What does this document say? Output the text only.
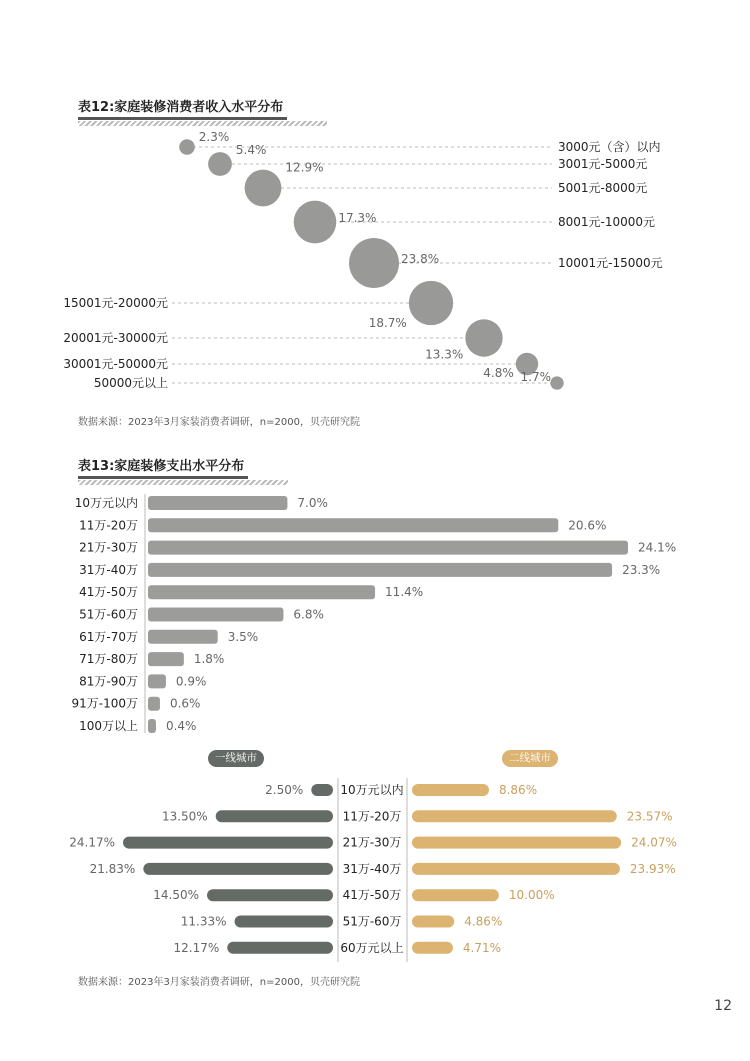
表12:家庭装修消费者收入水平分布
3000元（含）以内
2.3%
3001元-5000元
5.4%
5001元-8000元
12.9%
8001元-10000元
17.3%
10001元-15000元
23.8%
15001元-20000元
18.7%
20001元-30000元
13.3%
30001元-50000元
4.8%
50000元以上	1.7%
数据来源：2023年3月家装消费者调研，n=2000，贝壳研究院
表13:家庭装修支出水平分布
10万元以内	7.0%
11万-20万	20.6%
21万-30万	24.1%
31万-40万	23.3%
41万-50万	11.4%
51万-60万	6.8%
61万-70万	3.5%
71万-80万	1.8%
81万-90万	0.9%
91万-100万	0.6%
100万以上 0.4%
一线城市	二线城市
10万元以内
2.50%	8.86%
11万-20万
13.50%	23.57%
21万-30万
24.17%	24.07%
31万-40万
21.83%	23.93%
41万-50万
14.50%	10.00%
51万-60万
11.33%	4.86%
60万元以上
12.17%	4.71%
数据来源：2023年3月家装消费者调研，n=2000，贝壳研究院
12
